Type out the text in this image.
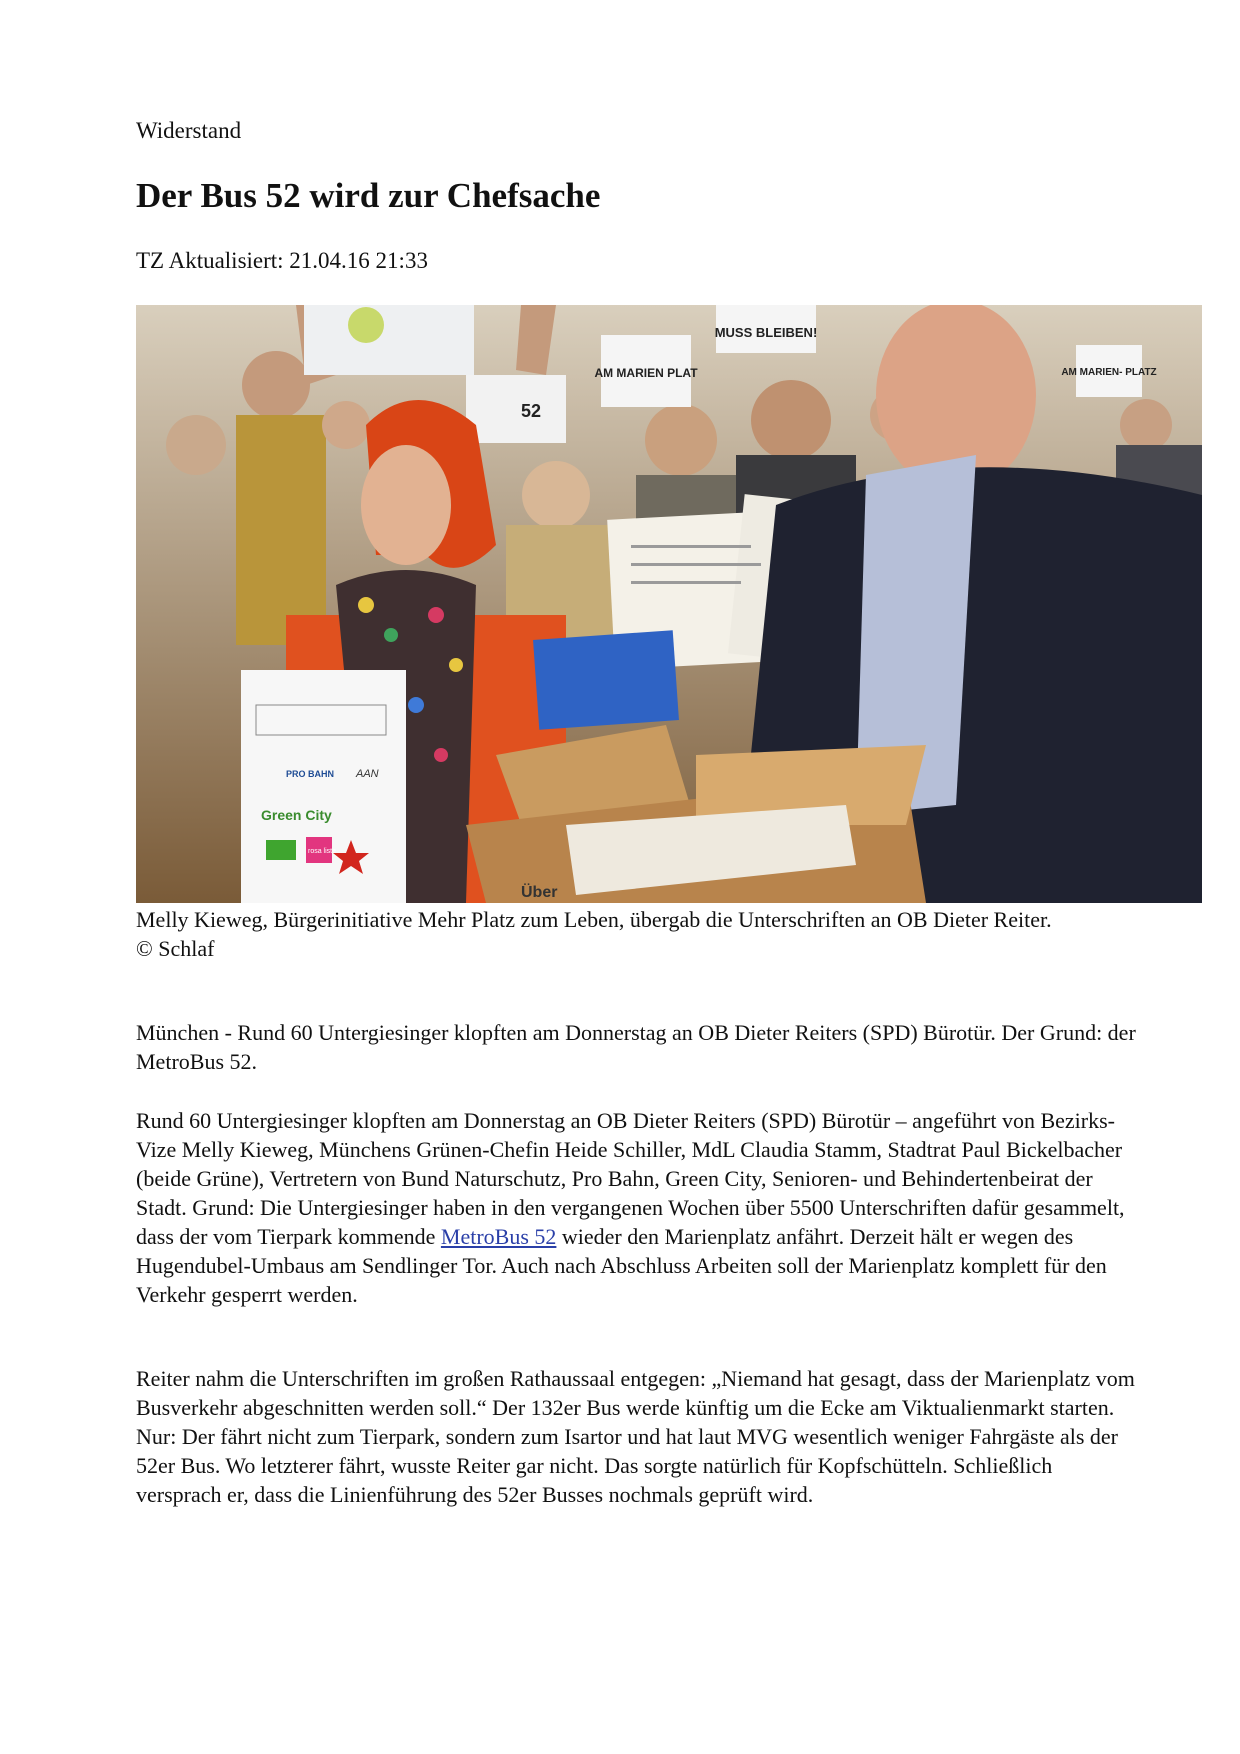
Widerstand
Der Bus 52 wird zur Chefsache
TZ Aktualisiert: 21.04.16 21:33
MUSS BLEIBEN!
AM MARIEN PLAT
52
AM MARIEN- PLATZ
PRO BAHN AAN
Green City
rosa liste
Über
Melly Kieweg, Bürgerinitiative Mehr Platz zum Leben, übergab die Unterschriften an OB Dieter Reiter.
© Schlaf

München - Rund 60 Untergiesinger klopften am Donnerstag an OB Dieter Reiters (SPD) Bürotür. Der Grund: der MetroBus 52.

Rund 60 Untergiesinger klopften am Donnerstag an OB Dieter Reiters (SPD) Bürotür – angeführt von Bezirks-Vize Melly Kieweg, Münchens Grünen-Chefin Heide Schiller, MdL Claudia Stamm, Stadtrat Paul Bickelbacher (beide Grüne), Vertretern von Bund Naturschutz, Pro Bahn, Green City, Senioren- und Behindertenbeirat der Stadt. Grund: Die Untergiesinger haben in den vergangenen Wochen über 5500 Unterschriften dafür gesammelt, dass der vom Tierpark kommende MetroBus 52 wieder den Marienplatz anfährt. Derzeit hält er wegen des Hugendubel-Umbaus am Sendlinger Tor. Auch nach Abschluss Arbeiten soll der Marienplatz komplett für den Verkehr gesperrt werden.

Reiter nahm die Unterschriften im großen Rathaussaal entgegen: „Niemand hat gesagt, dass der Marienplatz vom Busverkehr abgeschnitten werden soll.“ Der 132er Bus werde künftig um die Ecke am Viktualienmarkt starten. Nur: Der fährt nicht zum Tierpark, sondern zum Isartor und hat laut MVG wesentlich weniger Fahrgäste als der 52er Bus. Wo letzterer fährt, wusste Reiter gar nicht. Das sorgte natürlich für Kopfschütteln. Schließlich versprach er, dass die Linienführung des 52er Busses nochmals geprüft wird.
